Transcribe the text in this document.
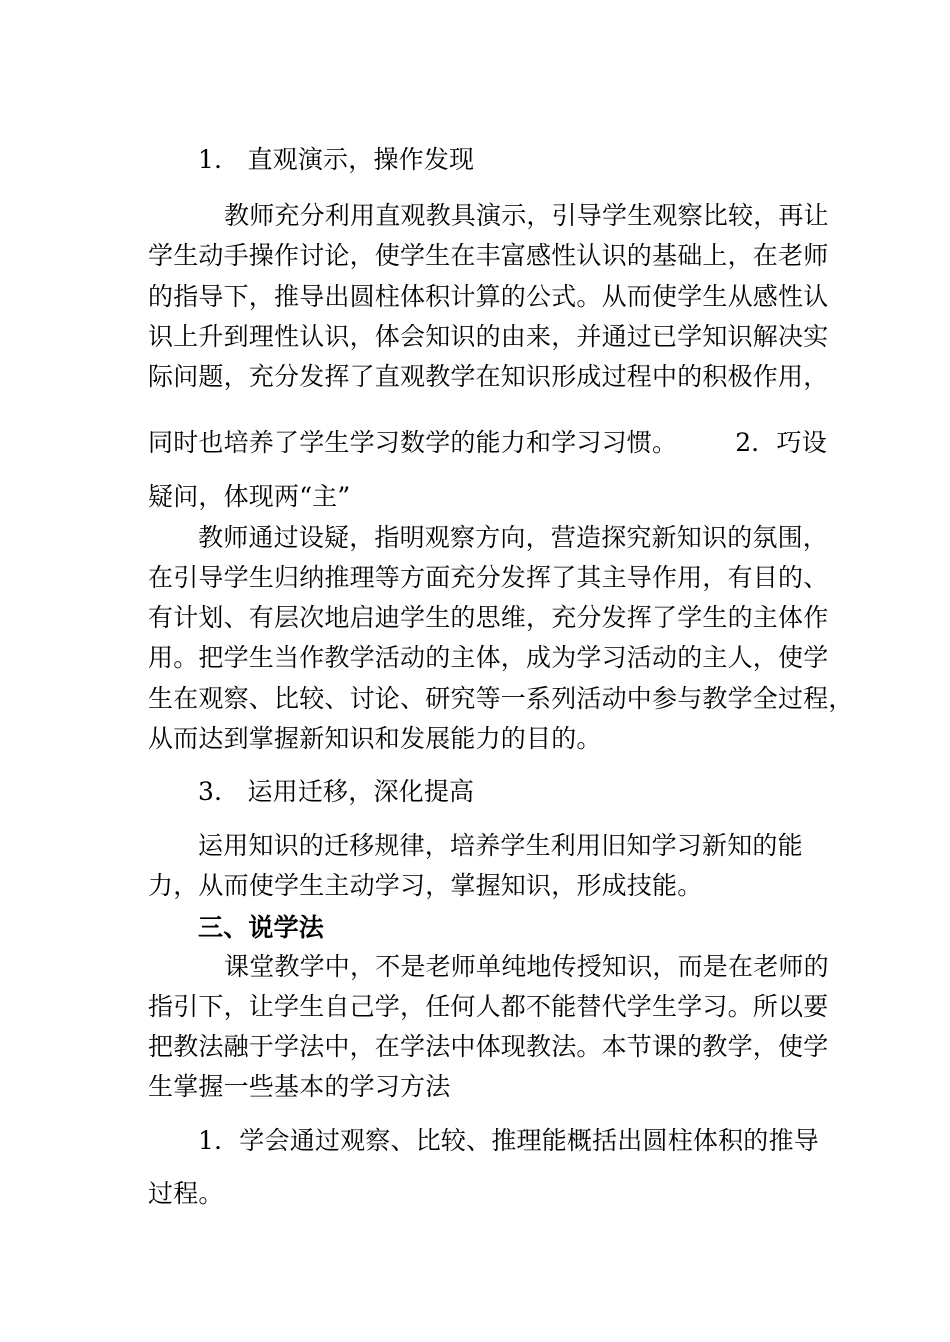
1． 直观演示，操作发现
教师充分利用直观教具演示，引导学生观察比较，再让
学生动手操作讨论，使学生在丰富感性认识的基础上，在老师
的指导下，推导出圆柱体积计算的公式。从而使学生从感性认
识上升到理性认识，体会知识的由来，并通过已学知识解决实
际问题，充分发挥了直观教学在知识形成过程中的积极作用，
同时也培养了学生学习数学的能力和学习习惯。 2．巧设
疑问，体现两“主”
教师通过设疑，指明观察方向，营造探究新知识的氛围，
在引导学生归纳推理等方面充分发挥了其主导作用，有目的、
有计划、有层次地启迪学生的思维，充分发挥了学生的主体作
用。把学生当作教学活动的主体，成为学习活动的主人，使学
生在观察、比较、讨论、研究等一系列活动中参与教学全过程，
从而达到掌握新知识和发展能力的目的。
3． 运用迁移，深化提高
运用知识的迁移规律，培养学生利用旧知学习新知的能
力，从而使学生主动学习，掌握知识，形成技能。
三、说学法
课堂教学中，不是老师单纯地传授知识，而是在老师的
指引下，让学生自己学，任何人都不能替代学生学习。所以要
把教法融于学法中，在学法中体现教法。本节课的教学，使学
生掌握一些基本的学习方法
1．学会通过观察、比较、推理能概括出圆柱体积的推导
过程。
